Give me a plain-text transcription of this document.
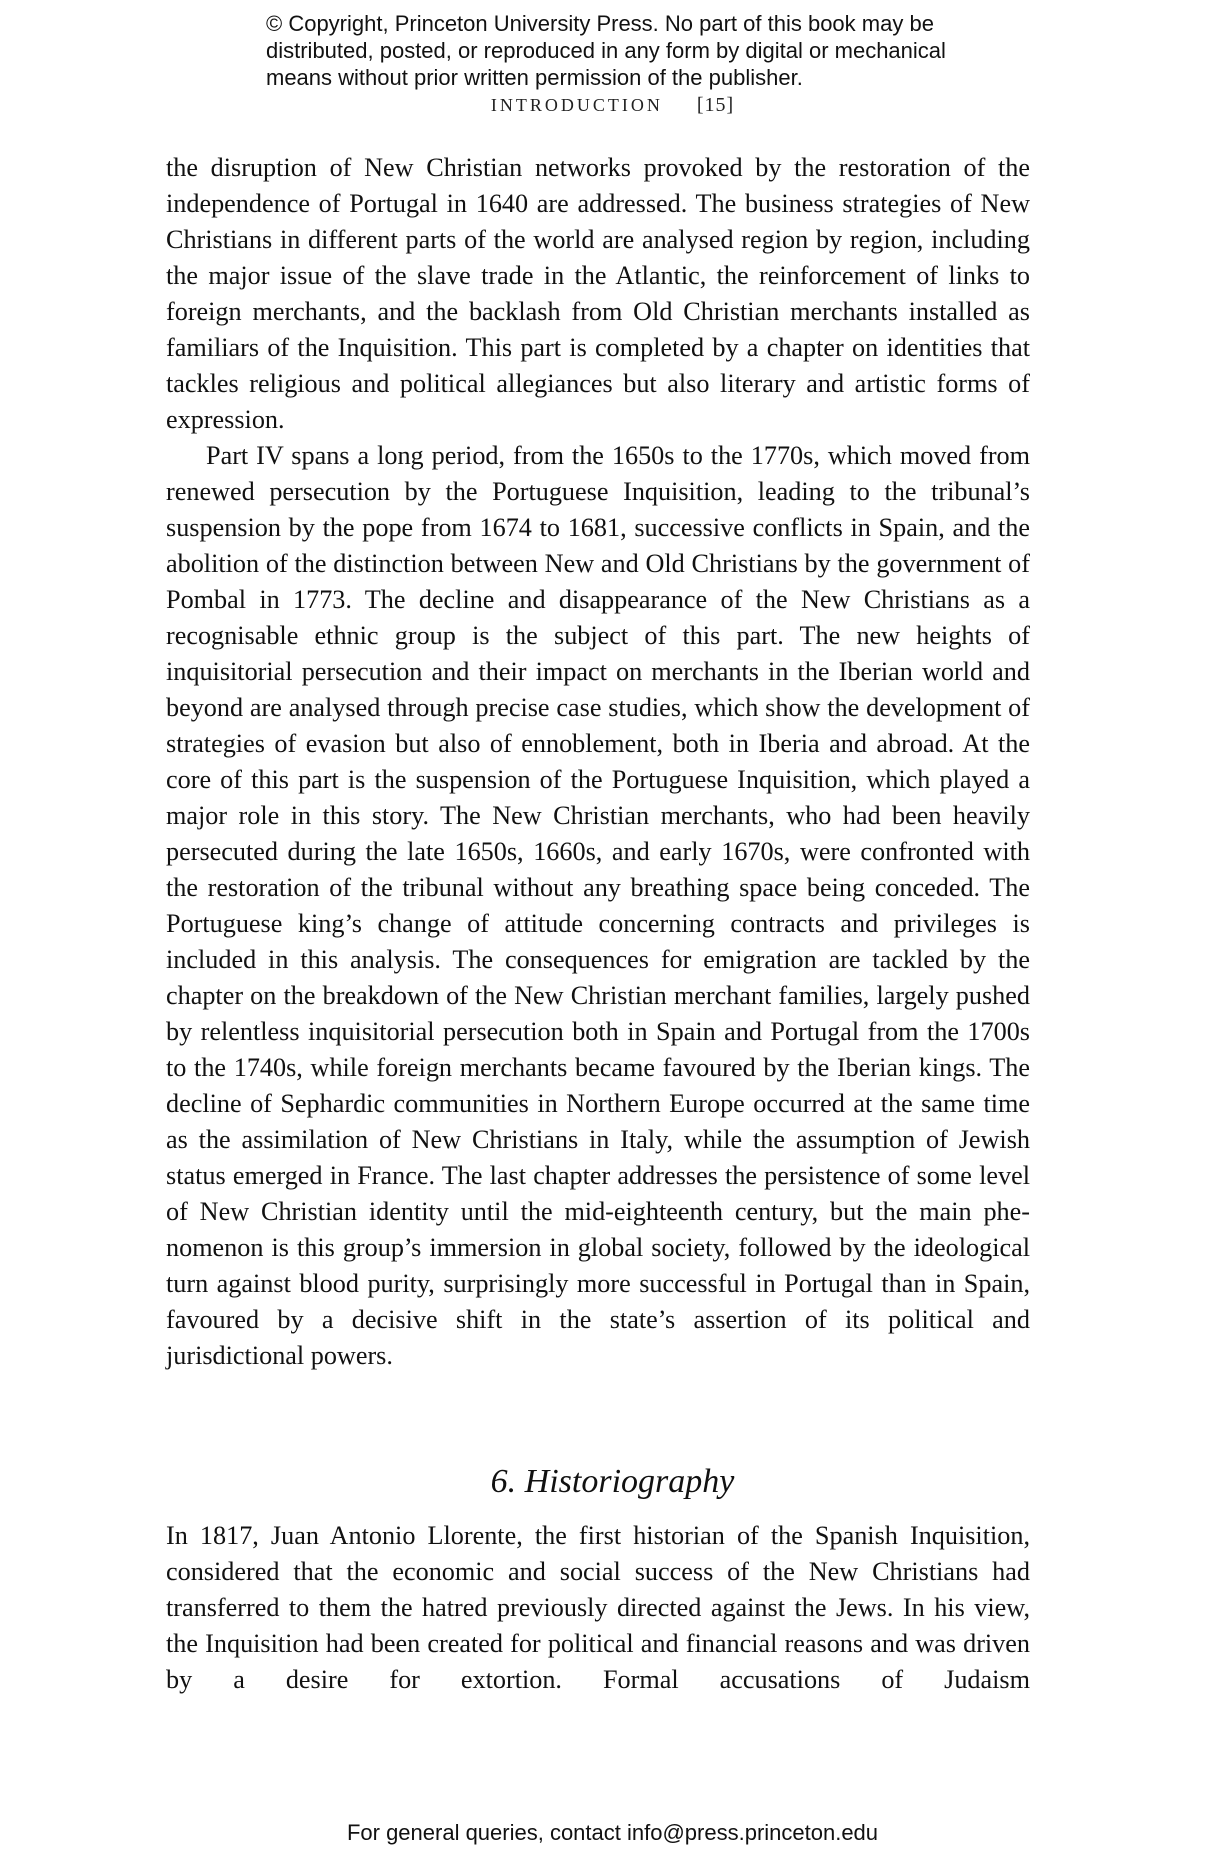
© Copyright, Princeton University Press. No part of this book may be
distributed, posted, or reproduced in any form by digital or mechanical
means without prior written permission of the publisher.
INTRODUCTION [15]

the disruption of New Christian networks provoked by the restoration of the independence of Portugal in 1640 are addressed. The business strategies of New Christians in different parts of the world are analysed region by region, including the major issue of the slave trade in the Atlantic, the reinforcement of links to foreign merchants, and the backlash from Old Christian merchants installed as familiars of the Inquisition. This part is completed by a chapter on identities that tackles religious and political allegiances but also literary and artistic forms of expression.

Part IV spans a long period, from the 1650s to the 1770s, which moved from renewed persecution by the Portuguese Inquisition, leading to the tribunal’s suspension by the pope from 1674 to 1681, successive conflicts in Spain, and the abolition of the distinction between New and Old Christians by the government of Pombal in 1773. The decline and disappearance of the New Christians as a recognisable ethnic group is the subject of this part. The new heights of inquisitorial persecution and their impact on merchants in the Iberian world and beyond are analysed through precise case studies, which show the development of strategies of evasion but also of ennoblement, both in Iberia and abroad. At the core of this part is the suspension of the Portuguese Inquisition, which played a major role in this story. The New Christian merchants, who had been heavily persecuted during the late 1650s, 1660s, and early 1670s, were confronted with the restoration of the tribunal without any breathing space being conceded. The Portuguese king’s change of attitude concerning contracts and privileges is included in this analysis. The consequences for emigration are tackled by the chapter on the breakdown of the New Christian merchant families, largely pushed by relentless inquisitorial persecution both in Spain and Portugal from the 1700s to the 1740s, while foreign merchants became favoured by the Iberian kings. The decline of Sephardic communities in Northern Europe occurred at the same time as the assimilation of New Christians in Italy, while the assumption of Jewish status emerged in France. The last chapter addresses the persistence of some level of New Christian identity until the mid-eighteenth century, but the main phenomenon is this group’s immersion in global society, followed by the ideological turn against blood purity, surprisingly more successful in Portugal than in Spain, favoured by a decisive shift in the state’s assertion of its political and jurisdictional powers.

6. Historiography

In 1817, Juan Antonio Llorente, the first historian of the Spanish Inquisition, considered that the economic and social success of the New Christians had transferred to them the hatred previously directed against the Jews. In his view, the Inquisition had been created for political and financial reasons and was driven by a desire for extortion. Formal accusations of Judaism

For general queries, contact info@press.princeton.edu
